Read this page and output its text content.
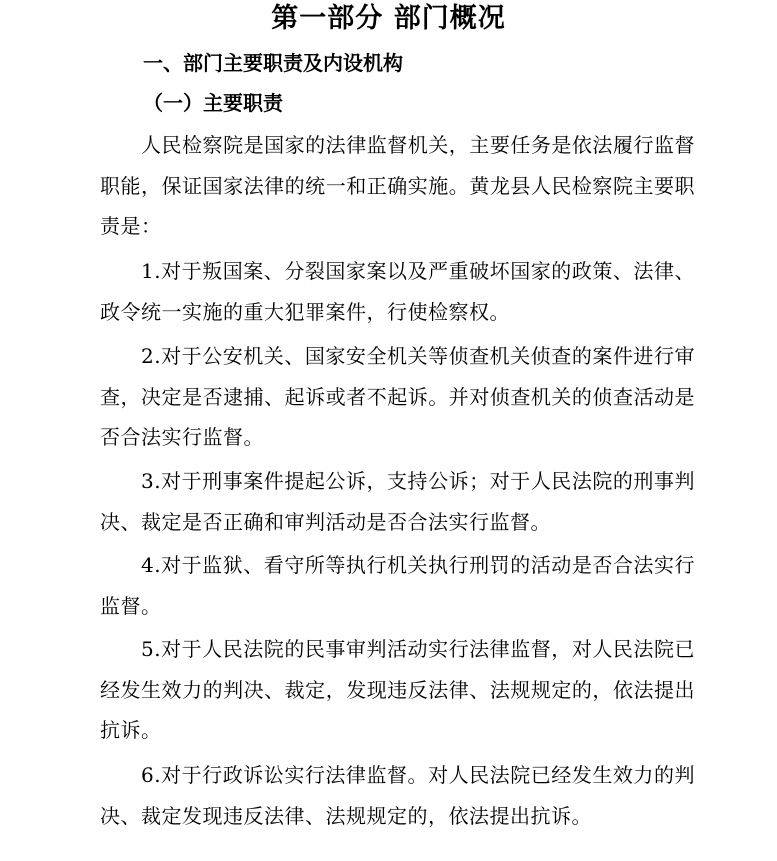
第一部分 部门概况
一、部门主要职责及内设机构
（一）主要职责
人民检察院是国家的法律监督机关，主要任务是依法履行监督职能，保证国家法律的统一和正确实施。黄龙县人民检察院主要职责是：
1.对于叛国案、分裂国家案以及严重破坏国家的政策、法律、政令统一实施的重大犯罪案件，行使检察权。
2.对于公安机关、国家安全机关等侦查机关侦查的案件进行审查，决定是否逮捕、起诉或者不起诉。并对侦查机关的侦查活动是否合法实行监督。
3.对于刑事案件提起公诉，支持公诉；对于人民法院的刑事判决、裁定是否正确和审判活动是否合法实行监督。
4.对于监狱、看守所等执行机关执行刑罚的活动是否合法实行监督。
5.对于人民法院的民事审判活动实行法律监督，对人民法院已经发生效力的判决、裁定，发现违反法律、法规规定的，依法提出抗诉。
6.对于行政诉讼实行法律监督。对人民法院已经发生效力的判决、裁定发现违反法律、法规规定的，依法提出抗诉。
